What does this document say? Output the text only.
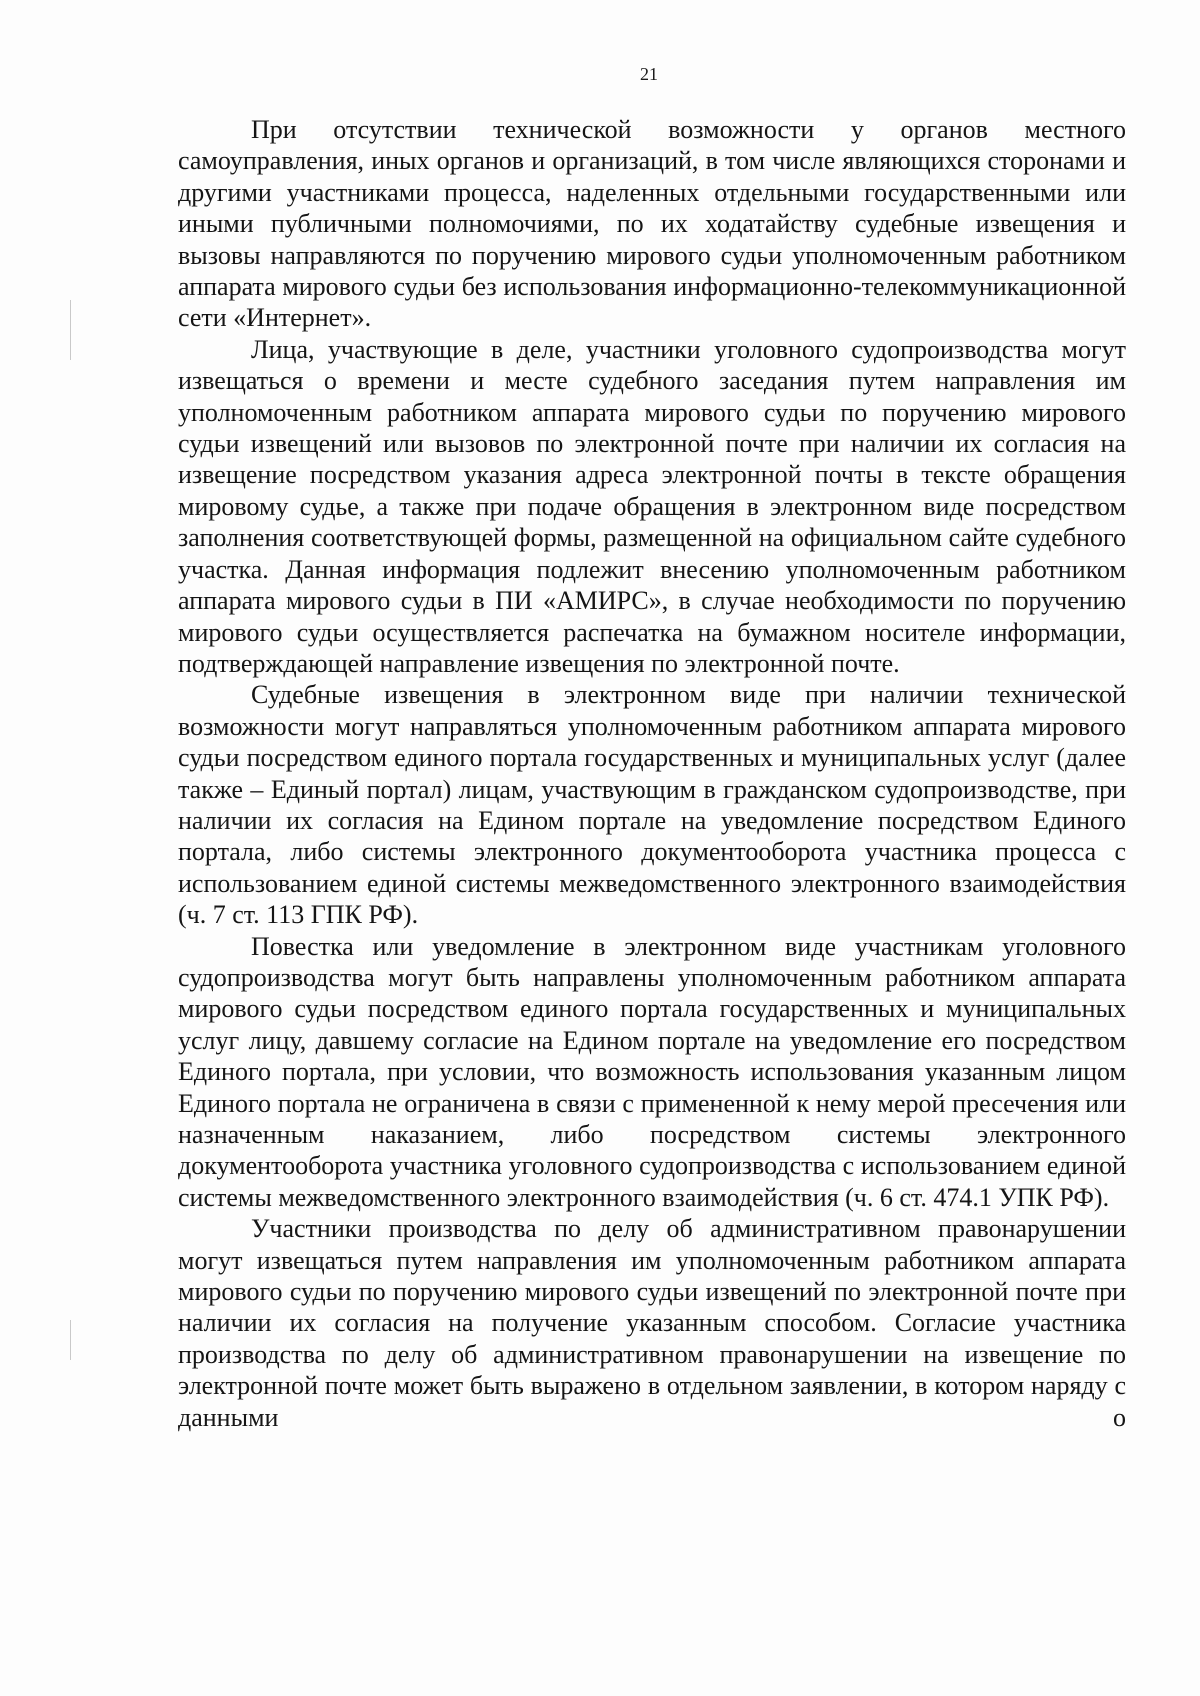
21

При отсутствии технической возможности у органов местного самоуправления, иных органов и организаций, в том числе являющихся сторонами и другими участниками процесса, наделенных отдельными государственными или иными публичными полномочиями, по их ходатайству судебные извещения и вызовы направляются по поручению мирового судьи уполномоченным работником аппарата мирового судьи без использования информационно-телекоммуникационной сети «Интернет».

Лица, участвующие в деле, участники уголовного судопроизводства могут извещаться о времени и месте судебного заседания путем направления им уполномоченным работником аппарата мирового судьи по поручению мирового судьи извещений или вызовов по электронной почте при наличии их согласия на извещение посредством указания адреса электронной почты в тексте обращения мировому судье, а также при подаче обращения в электронном виде посредством заполнения соответствующей формы, размещенной на официальном сайте судебного участка. Данная информация подлежит внесению уполномоченным работником аппарата мирового судьи в ПИ «АМИРС», в случае необходимости по поручению мирового судьи осуществляется распечатка на бумажном носителе информации, подтверждающей направление извещения по электронной почте.

Судебные извещения в электронном виде при наличии технической возможности могут направляться уполномоченным работником аппарата мирового судьи посредством единого портала государственных и муниципальных услуг (далее также – Единый портал) лицам, участвующим в гражданском судопроизводстве, при наличии их согласия на Едином портале на уведомление посредством Единого портала, либо системы электронного документооборота участника процесса с использованием единой системы межведомственного электронного взаимодействия (ч. 7 ст. 113 ГПК РФ).

Повестка или уведомление в электронном виде участникам уголовного судопроизводства могут быть направлены уполномоченным работником аппарата мирового судьи посредством единого портала государственных и муниципальных услуг лицу, давшему согласие на Едином портале на уведомление его посредством Единого портала, при условии, что возможность использования указанным лицом Единого портала не ограничена в связи с примененной к нему мерой пресечения или назначенным наказанием, либо посредством системы электронного документооборота участника уголовного судопроизводства с использованием единой системы межведомственного электронного взаимодействия (ч. 6 ст. 474.1 УПК РФ).

Участники производства по делу об административном правонарушении могут извещаться путем направления им уполномоченным работником аппарата мирового судьи по поручению мирового судьи извещений по электронной почте при наличии их согласия на получение указанным способом. Согласие участника производства по делу об административном правонарушении на извещение по электронной почте может быть выражено в отдельном заявлении, в котором наряду с данными о
